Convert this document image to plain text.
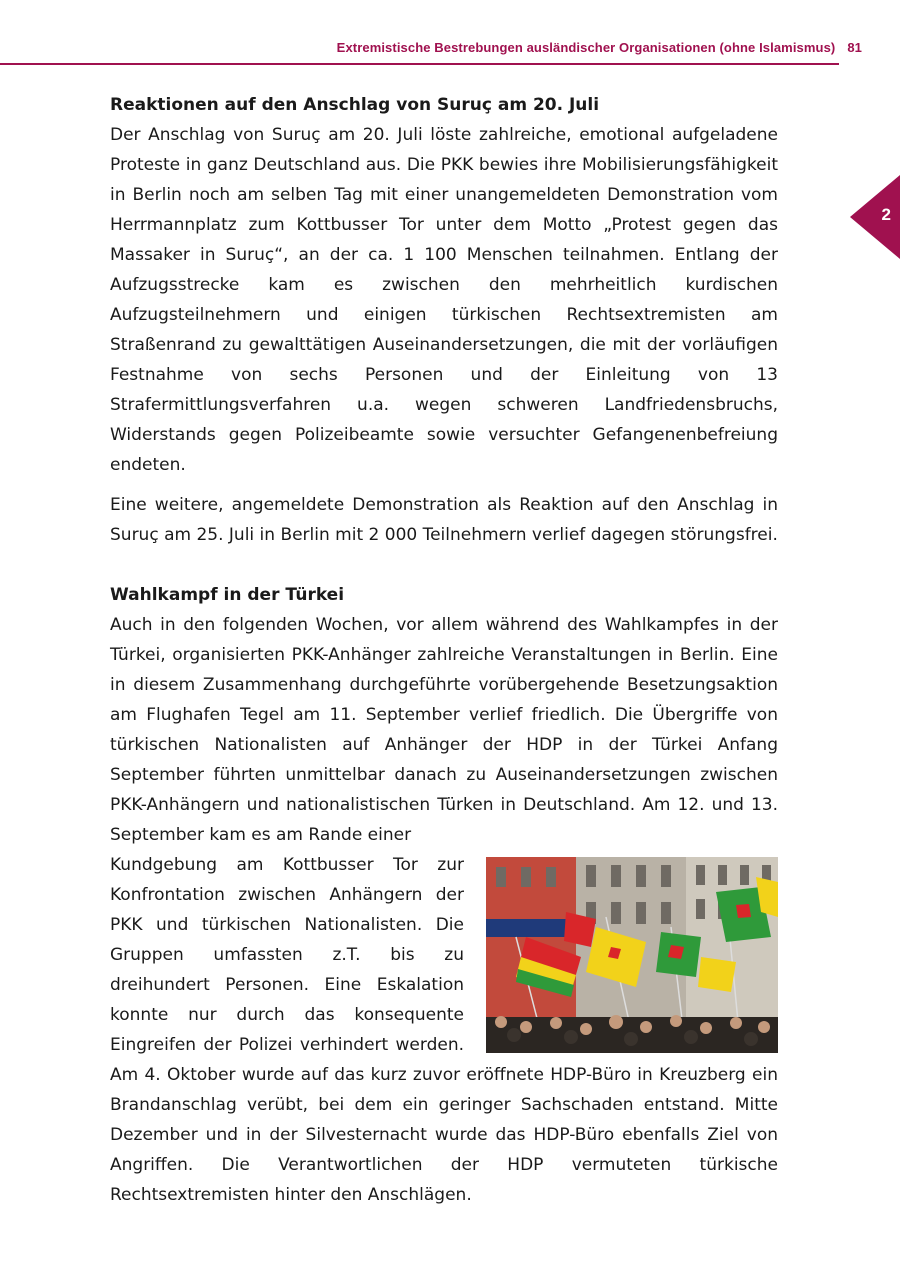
Extremistische Bestrebungen ausländischer Organisationen (ohne Islamismus) 81
2
Reaktionen auf den Anschlag von Suruç am 20. Juli

Der Anschlag von Suruç am 20. Juli löste zahlreiche, emotional aufgeladene Proteste in ganz Deutschland aus. Die PKK bewies ihre Mobilisierungsfähigkeit in Berlin noch am selben Tag mit einer unangemeldeten Demonstration vom Herrmannplatz zum Kottbusser Tor unter dem Motto „Protest gegen das Massaker in Suruç“, an der ca. 1 100 Menschen teilnahmen. Entlang der Aufzugsstrecke kam es zwischen den mehrheitlich kurdischen Aufzugsteilnehmern und einigen türkischen Rechtsextremisten am Straßenrand zu gewalttätigen Auseinandersetzungen, die mit der vorläufigen Festnahme von sechs Personen und der Einleitung von 13 Strafermittlungsverfahren u.a. wegen schweren Landfriedensbruchs, Widerstands gegen Polizeibeamte sowie versuchter Gefangenenbefreiung endeten.

Eine weitere, angemeldete Demonstration als Reaktion auf den Anschlag in Suruç am 25. Juli in Berlin mit 2 000 Teilnehmern verlief dagegen störungsfrei.

Wahlkampf in der Türkei

Auch in den folgenden Wochen, vor allem während des Wahlkampfes in der Türkei, organisierten PKK-Anhänger zahlreiche Veranstaltungen in Berlin. Eine in diesem Zusammenhang durchgeführte vorübergehende Besetzungsaktion am Flughafen Tegel am 11. September verlief friedlich. Die Übergriffe von türkischen Nationalisten auf Anhänger der HDP in der Türkei Anfang September führten unmittelbar danach zu Auseinandersetzungen zwischen PKK-Anhängern und nationalistischen Türken in Deutschland. Am 12. und 13. September kam es am Rande einer

Kundgebung am Kottbusser Tor zur Konfrontation zwischen Anhängern der PKK und türkischen Nationalisten. Die Gruppen umfassten z.T. bis zu dreihundert Personen. Eine Eskalation konnte nur durch das konsequente Eingreifen der Polizei verhindert werden. Am 4. Oktober wurde auf das kurz zuvor eröffnete HDP-Büro in Kreuzberg ein Brandanschlag verübt, bei dem ein geringer Sachschaden entstand. Mitte Dezember und in der Silvesternacht wurde das HDP-Büro ebenfalls Ziel von Angriffen. Die Verantwortlichen der HDP vermuteten türkische Rechtsextremisten hinter den Anschlägen.
